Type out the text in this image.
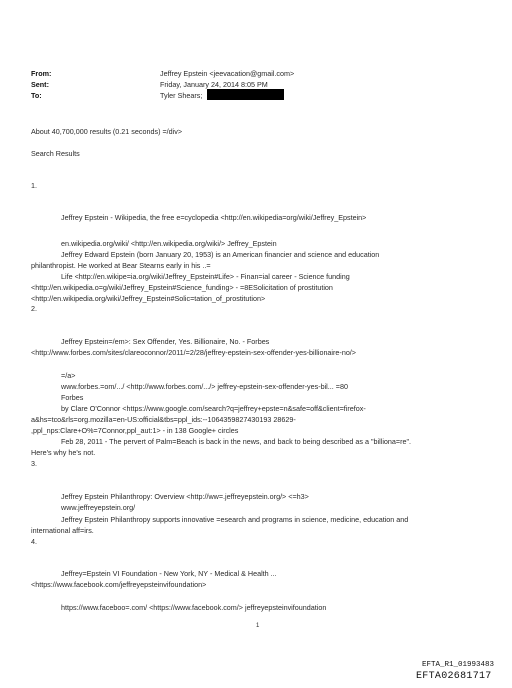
From:	Jeffrey Epstein <jeevacation@gmail.com>
Sent:	Friday, January 24, 2014 8:05 PM
To:	Tyler Shears;
About 40,700,000 results (0.21 seconds) =/div>
Search Results
1.
Jeffrey Epstein - Wikipedia, the free e=cyclopedia <http://en.wikipedia=org/wiki/Jeffrey_Epstein>
en.wikipedia.org/wiki/ <http://en.wikipedia.org/wiki/> Jeffrey_Epstein
Jeffrey Edward Epstein (born January 20, 1953) is an American financier and science and education
philanthropist. He worked at Bear Stearns early in his ..=
Life <http://en.wikipe=ia.org/wiki/Jeffrey_Epstein#Life> - Finan=ial career - Science funding
<http://en.wikipedia.o=g/wiki/Jeffrey_Epstein#Science_funding> - =8ESolicitation of prostitution
<http://en.wikipedia.org/wiki/Jeffrey_Epstein#Solic=tation_of_prostitution>
2.
Jeffrey Epstein=/em>: Sex Offender, Yes. Billionaire, No. - Forbes
<http://www.forbes.com/sites/clareoconnor/2011/=2/28/jeffrey-epstein-sex-offender-yes-billionaire-no/>
=/a>
www.forbes.=om/.../ <http://www.forbes.com/.../> jeffrey-epstein-sex-offender-yes-bil... =80
Forbes
by Clare O'Connor <https://www.google.com/search?q=jeffrey+epste=n&safe=off&client=firefox-
a&hs=tco&rls=org.mozilla=en-US:official&tbs=ppl_ids:--1064359827430193 28629-
,ppl_nps:Clare+O%=7Connor,ppl_aut:1> - in 138 Google+ circles
Feb 28, 2011 - The pervert of Palm=Beach is back in the news, and back to being described as a "billiona=re".
Here's why he's not.
3.
Jeffrey Epstein Philanthropy: Overview <http://ww=.jeffreyepstein.org/> <=h3>
www.jeffreyepstein.org/
Jeffrey Epstein Philanthropy supports innovative =esearch and programs in science, medicine, education and
international aff=irs.
4.
Jeffrey=Epstein VI Foundation - New York, NY - Medical & Health ...
<https://www.facebook.com/jeffreyepsteinvifoundation>
https://www.faceboo=.com/ <https://www.facebook.com/> jeffreyepsteinvifoundation
1
EFTA_R1_01993483
EFTA02681717
